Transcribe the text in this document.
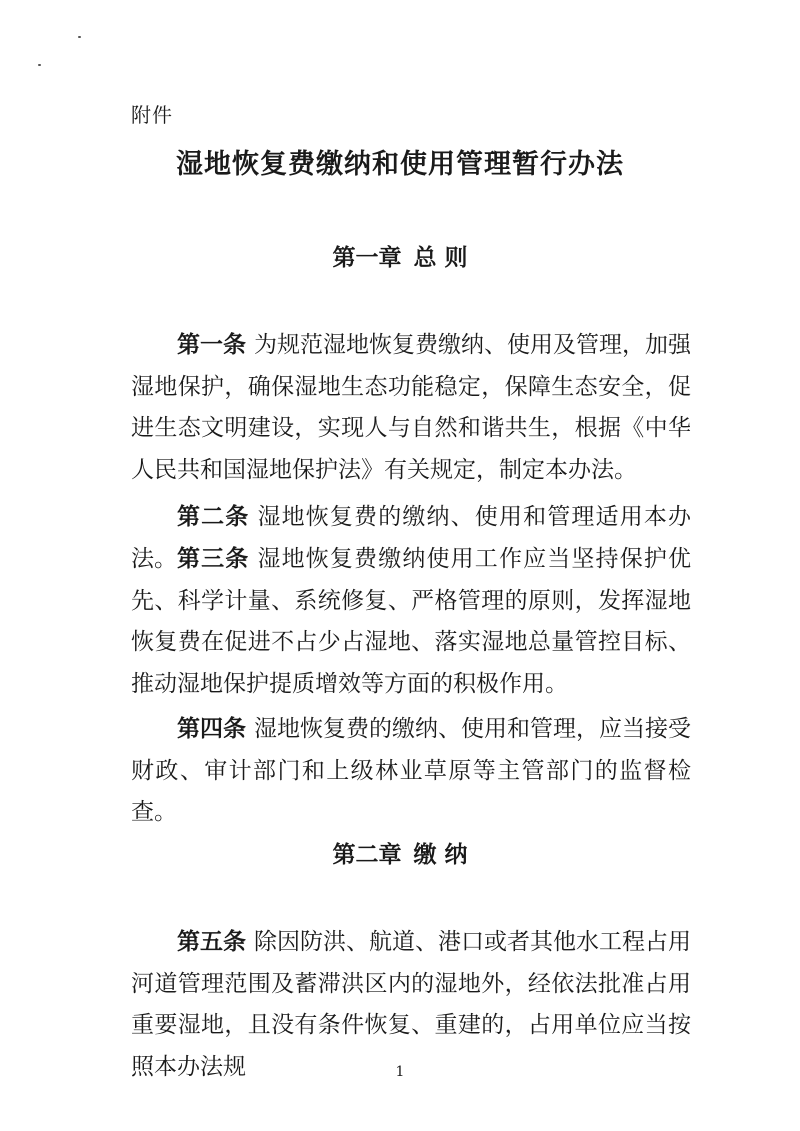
附件
湿地恢复费缴纳和使用管理暂行办法
第一章 总 则
第一条 为规范湿地恢复费缴纳、使用及管理，加强湿地保护，确保湿地生态功能稳定，保障生态安全，促进生态文明建设，实现人与自然和谐共生，根据《中华人民共和国湿地保护法》有关规定，制定本办法。
第二条 湿地恢复费的缴纳、使用和管理适用本办法。 第三条 湿地恢复费缴纳使用工作应当坚持保护优先、科学计量、系统修复、严格管理的原则，发挥湿地恢复费在促进不占少占湿地、落实湿地总量管控目标、推动湿地保护提质增效等方面的积极作用。
第四条 湿地恢复费的缴纳、使用和管理，应当接受财政、审计部门和上级林业草原等主管部门的监督检查。
第二章 缴 纳
第五条 除因防洪、航道、港口或者其他水工程占用河道管理范围及蓄滞洪区内的湿地外，经依法批准占用重要湿地，且没有条件恢复、重建的，占用单位应当按照本办法规	1
